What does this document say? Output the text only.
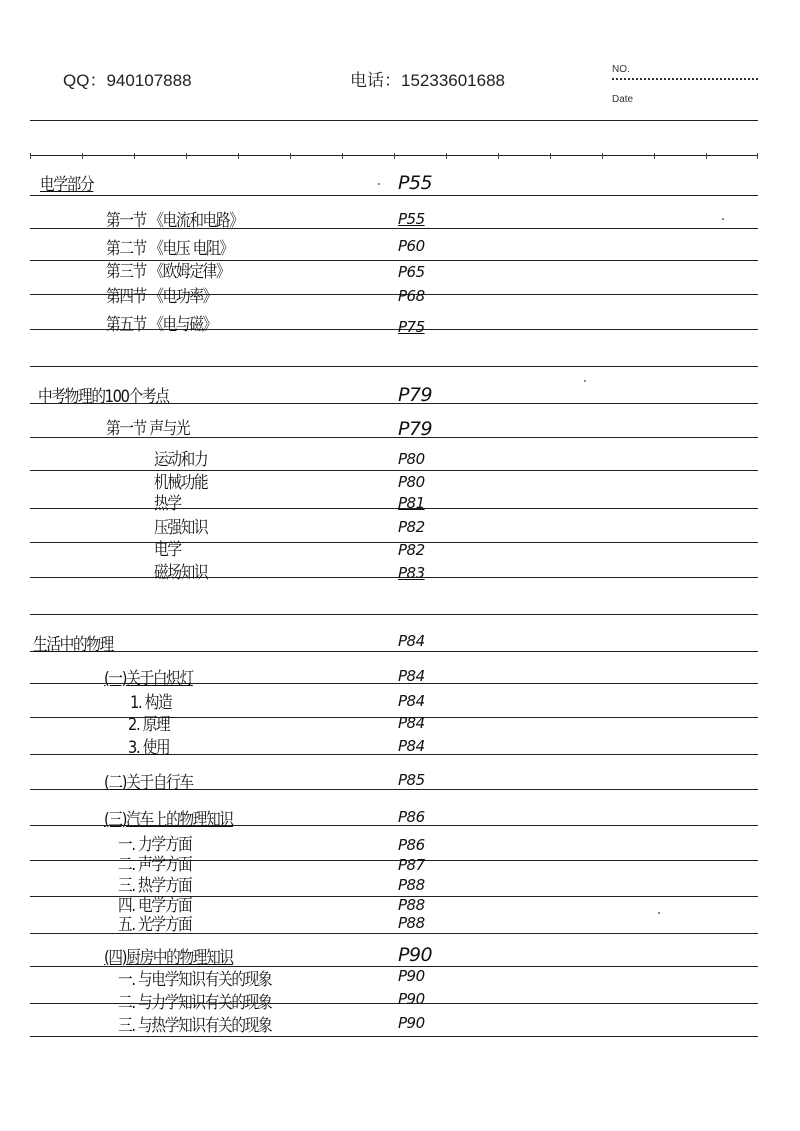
QQ：940107888	电话：15233601688
NO.
Date
电学部分	P55
第一节 《电流和电路》	P55
第二节 《电压 电阻》	P60
第三节 《欧姆定律》	P65
第四节 《电功率》	P68
第五节 《电与磁》	P75
中考物理的100个考点	P79
第一节 声与光	P79
运动和力	P80
机械功能	P80
热学	P81
压强知识	P82
电学	P82
磁场知识	P83
生活中的物理	P84
(一)关于白炽灯	P84
1. 构造	P84
2. 原理	P84
3. 使用	P84
(二)关于自行车	P85
(三)汽车上的物理知识	P86
一. 力学方面	P86
二. 声学方面	P87
三. 热学方面	P88
四. 电学方面	P88
五. 光学方面	P88
(四)厨房中的物理知识	P90
一. 与电学知识有关的现象	P90
二. 与力学知识有关的现象	P90
三. 与热学知识有关的现象	P90
